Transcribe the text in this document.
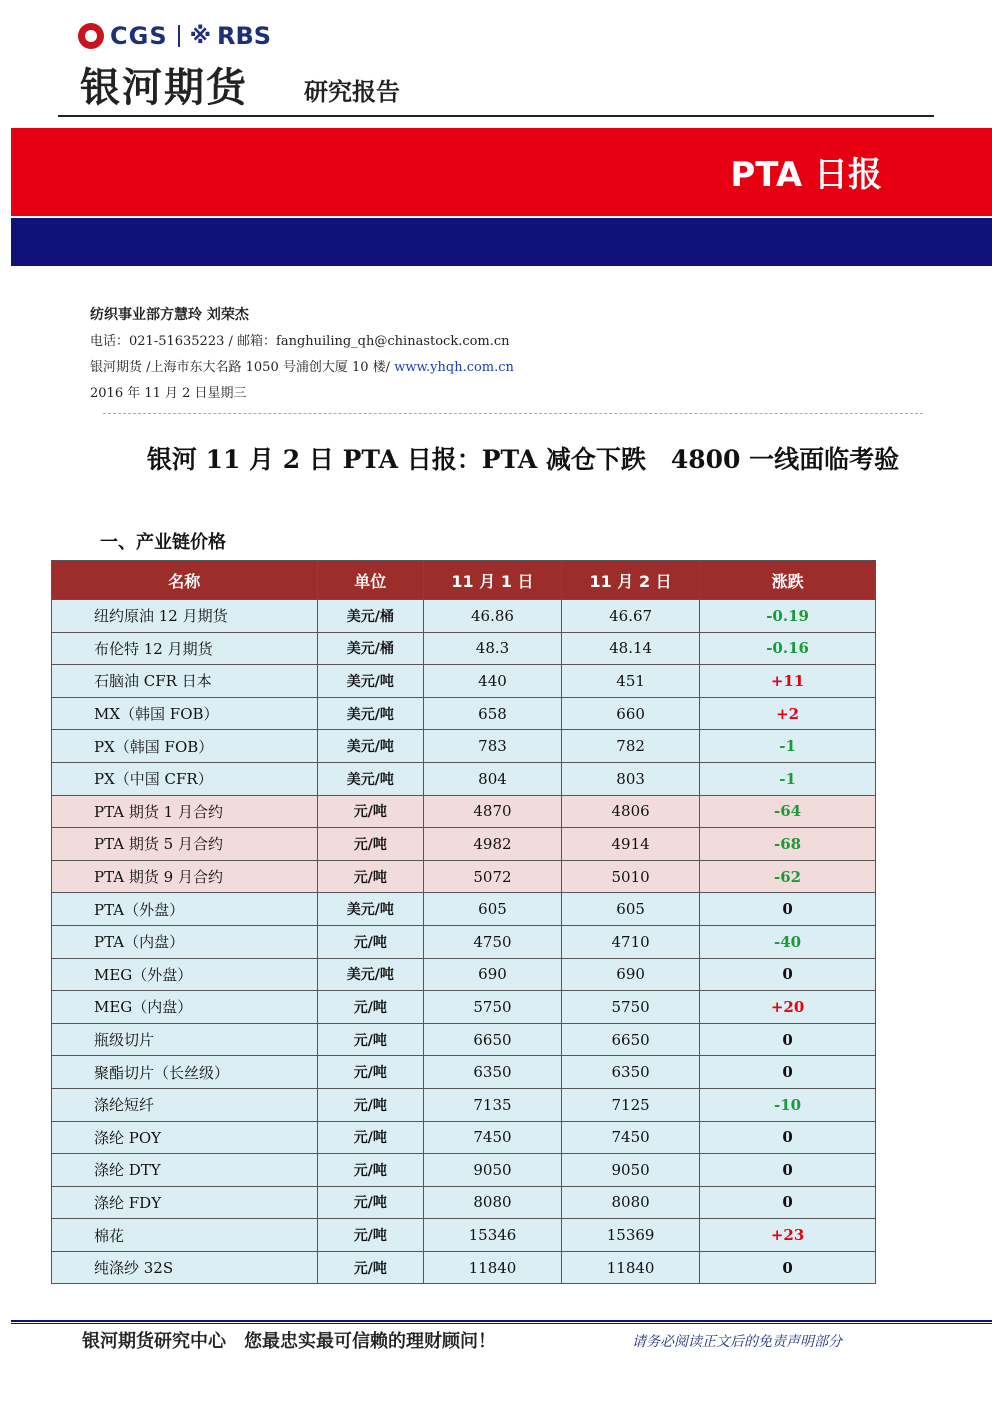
CGS ※ RBS
银河期货 研究报告
PTA 日报
纺织事业部方慧玲 刘荣杰
电话：021-51635223 / 邮箱：fanghuiling_qh@chinastock.com.cn
银河期货 /上海市东大名路 1050 号浦创大厦 10 楼/ www.yhqh.com.cn
2016 年 11 月 2 日星期三
银河 11 月 2 日 PTA 日报：PTA 减仓下跌　4800 一线面临考验
一、产业链价格
名称	单位	11 月 1 日	11 月 2 日	涨跌
纽约原油 12 月期货	美元/桶	46.86	46.67	-0.19
布伦特 12 月期货	美元/桶	48.3	48.14	-0.16
石脑油 CFR 日本	美元/吨	440	451	+11
MX（韩国 FOB）	美元/吨	658	660	+2
PX（韩国 FOB）	美元/吨	783	782	-1
PX（中国 CFR）	美元/吨	804	803	-1
PTA 期货 1 月合约	元/吨	4870	4806	-64
PTA 期货 5 月合约	元/吨	4982	4914	-68
PTA 期货 9 月合约	元/吨	5072	5010	-62
PTA（外盘）	美元/吨	605	605	0
PTA（内盘）	元/吨	4750	4710	-40
MEG（外盘）	美元/吨	690	690	0
MEG（内盘）	元/吨	5750	5750	+20
瓶级切片	元/吨	6650	6650	0
聚酯切片（长丝级）	元/吨	6350	6350	0
涤纶短纤	元/吨	7135	7125	-10
涤纶 POY	元/吨	7450	7450	0
涤纶 DTY	元/吨	9050	9050	0
涤纶 FDY	元/吨	8080	8080	0
棉花	元/吨	15346	15369	+23
纯涤纱 32S	元/吨	11840	11840	0
银河期货研究中心　您最忠实最可信赖的理财顾问！	请务必阅读正文后的免责声明部分
